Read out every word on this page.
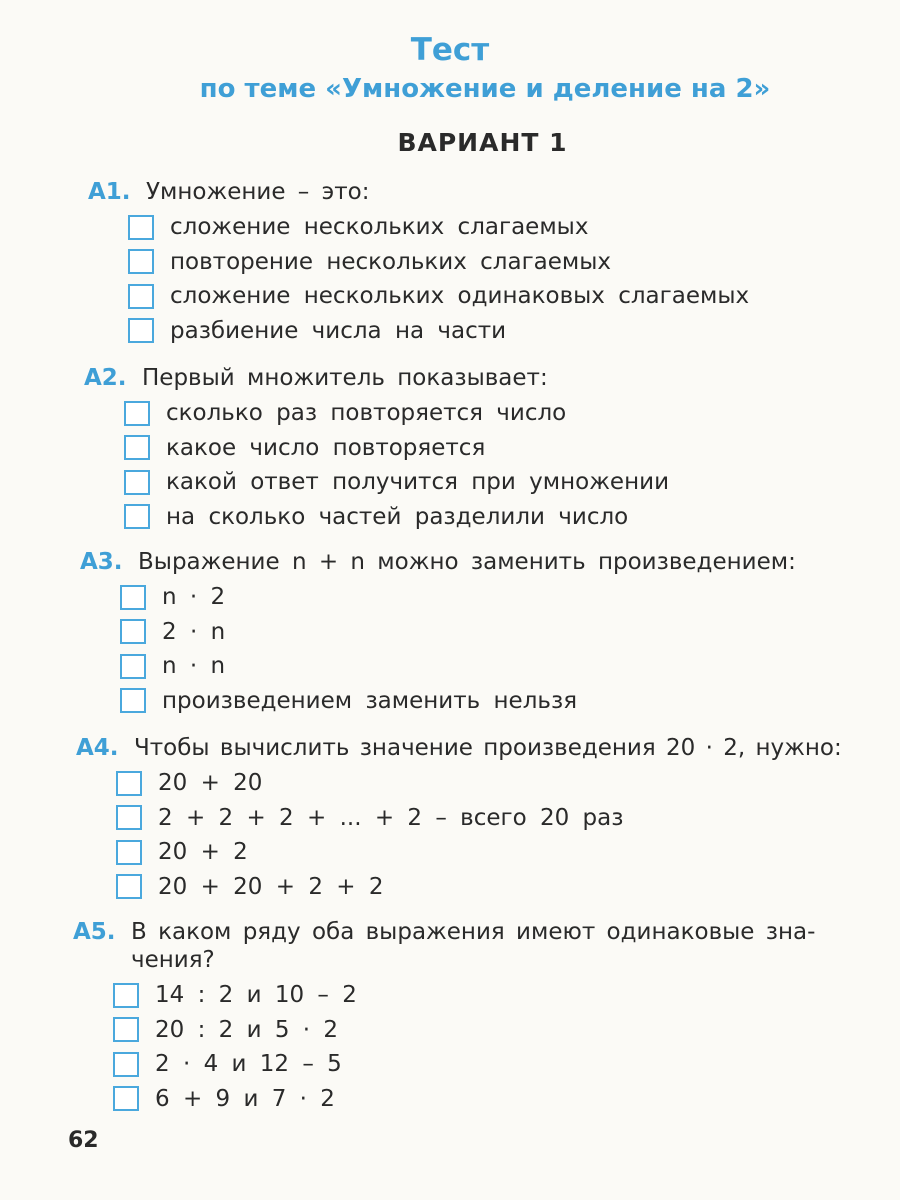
Тест
по теме «Умножение и деление на 2»
ВАРИАНТ 1
А1. Умножение – это:
сложение нескольких слагаемых
повторение нескольких слагаемых
сложение нескольких одинаковых слагаемых
разбиение числа на части
А2. Первый множитель показывает:
сколько раз повторяется число
какое число повторяется
какой ответ получится при умножении
на сколько частей разделили число
А3. Выражение n + n можно заменить произведением:
n · 2
2 · n
n · n
произведением заменить нельзя
А4. Чтобы вычислить значение произведения 20 · 2, нужно:
20 + 20
2 + 2 + 2 + ... + 2 – всего 20 раз
20 + 2
20 + 20 + 2 + 2
А5. В каком ряду оба выражения имеют одинаковые зна-чения?
14 : 2 и 10 – 2
20 : 2 и 5 · 2
2 · 4 и 12 – 5
6 + 9 и 7 · 2
62
